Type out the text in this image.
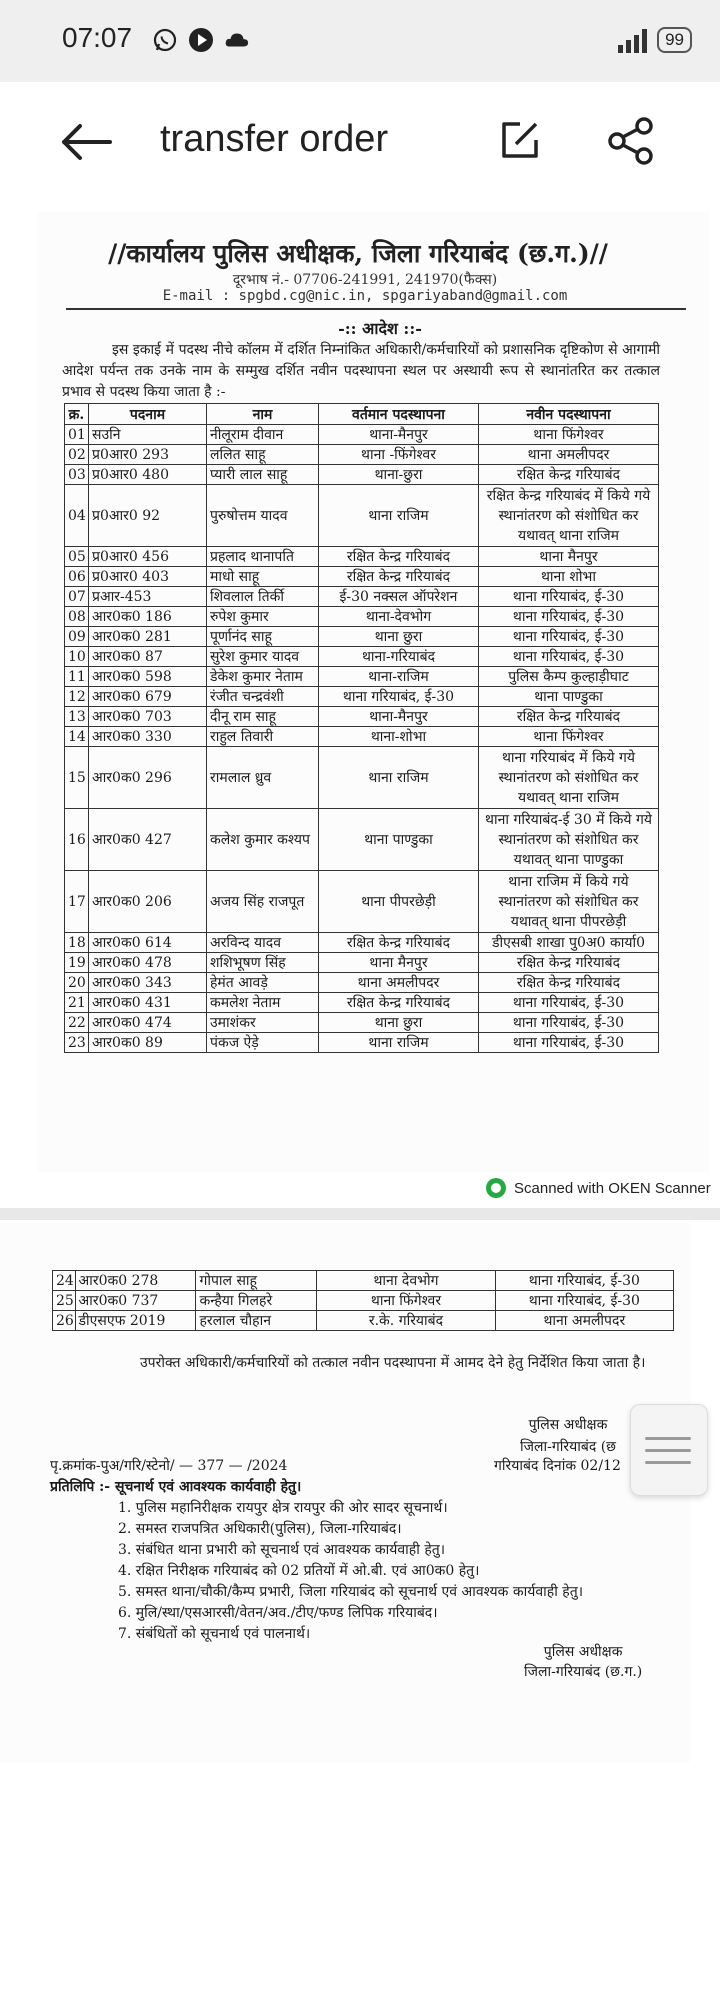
07:07	99
transfer order
//कार्यालय पुलिस अधीक्षक, जिला गरियाबंद (छ.ग.)//
दूरभाष नं.- 07706-241991, 241970(फैक्स)
E-mail : spgbd.cg@nic.in, spgariyaband@gmail.com
-:: आदेश ::-
इस इकाई में पदस्थ नीचे कॉलम में दर्शित निम्नांकित अधिकारी/कर्मचारियों को प्रशासनिक दृष्टिकोण से आगामी आदेश पर्यन्त तक उनके नाम के सम्मुख दर्शित नवीन पदस्थापना स्थल पर अस्थायी रूप से स्थानांतरित कर तत्काल प्रभाव से पदस्थ किया जाता है :-
क्र.	पदनाम	नाम	वर्तमान पदस्थापना	नवीन पदस्थापना
01	सउनि	नीलूराम दीवान	थाना-मैनपुर	थाना फिंगेश्वर
02	प्र0आर0 293	ललित साहू	थाना -फिंगेश्वर	थाना अमलीपदर
03	प्र0आर0 480	प्यारी लाल साहू	थाना-छुरा	रक्षित केन्द्र गरियाबंद
04	प्र0आर0 92	पुरुषोत्तम यादव	थाना राजिम	रक्षित केन्द्र गरियाबंद में किये गये स्थानांतरण को संशोधित कर यथावत् थाना राजिम
05	प्र0आर0 456	प्रहलाद थानापति	रक्षित केन्द्र गरियाबंद	थाना मैनपुर
06	प्र0आर0 403	माधो साहू	रक्षित केन्द्र गरियाबंद	थाना शोभा
07	प्रआर-453	शिवलाल तिर्की	ई-30 नक्सल ऑपरेशन	थाना गरियाबंद, ई-30
08	आर0क0 186	रुपेश कुमार	थाना-देवभोग	थाना गरियाबंद, ई-30
09	आर0क0 281	पूर्णानंद साहू	थाना छुरा	थाना गरियाबंद, ई-30
10	आर0क0 87	सुरेश कुमार यादव	थाना-गरियाबंद	थाना गरियाबंद, ई-30
11	आर0क0 598	डेकेश कुमार नेताम	थाना-राजिम	पुलिस कैम्प कुल्हाड़ीघाट
12	आर0क0 679	रंजीत चन्द्रवंशी	थाना गरियाबंद, ई-30	थाना पाण्डुका
13	आर0क0 703	दीनू राम साहू	थाना-मैनपुर	रक्षित केन्द्र गरियाबंद
14	आर0क0 330	राहुल तिवारी	थाना-शोभा	थाना फिंगेश्वर
15	आर0क0 296	रामलाल ध्रुव	थाना राजिम	थाना गरियाबंद में किये गये स्थानांतरण को संशोधित कर यथावत् थाना राजिम
16	आर0क0 427	कलेश कुमार कश्यप	थाना पाण्डुका	थाना गरियाबंद-ई 30 में किये गये स्थानांतरण को संशोधित कर यथावत् थाना पाण्डुका
17	आर0क0 206	अजय सिंह राजपूत	थाना पीपरछेड़ी	थाना राजिम में किये गये स्थानांतरण को संशोधित कर यथावत् थाना पीपरछेड़ी
18	आर0क0 614	अरविन्द यादव	रक्षित केन्द्र गरियाबंद	डीएसबी शाखा पु0अ0 कार्या0
19	आर0क0 478	शशिभूषण सिंह	थाना मैनपुर	रक्षित केन्द्र गरियाबंद
20	आर0क0 343	हेमंत आवड़े	थाना अमलीपदर	रक्षित केन्द्र गरियाबंद
21	आर0क0 431	कमलेश नेताम	रक्षित केन्द्र गरियाबंद	थाना गरियाबंद, ई-30
22	आर0क0 474	उमाशंकर	थाना छुरा	थाना गरियाबंद, ई-30
23	आर0क0 89	पंकज ऐड़े	थाना राजिम	थाना गरियाबंद, ई-30
Scanned with OKEN Scanner
24	आर0क0 278	गोपाल साहू	थाना देवभोग	थाना गरियाबंद, ई-30
25	आर0क0 737	कन्हैया गिलहरे	थाना फिंगेश्वर	थाना गरियाबंद, ई-30
26	डीएसएफ 2019	हरलाल चौहान	र.के. गरियाबंद	थाना अमलीपदर
उपरोक्त अधिकारी/कर्मचारियों को तत्काल नवीन पदस्थापना में आमद देने हेतु निर्देशित किया जाता है।
पुलिस अधीक्षक
जिला-गरियाबंद (छ
पृ.क्रमांक-पुअ/गरि/स्टेनो/ — 377 — /2024	गरियाबंद दिनांक 02/12
प्रतिलिपि :- सूचनार्थ एवं आवश्यक कार्यवाही हेतु।
1. पुलिस महानिरीक्षक रायपुर क्षेत्र रायपुर की ओर सादर सूचनार्थ।
2. समस्त राजपत्रित अधिकारी(पुलिस), जिला-गरियाबंद।
3. संबंधित थाना प्रभारी को सूचनार्थ एवं आवश्यक कार्यवाही हेतु।
4. रक्षित निरीक्षक गरियाबंद को 02 प्रतियों में ओ.बी. एवं आ0क0 हेतु।
5. समस्त थाना/चौकी/कैम्प प्रभारी, जिला गरियाबंद को सूचनार्थ एवं आवश्यक कार्यवाही हेतु।
6. मुलि/स्था/एसआरसी/वेतन/अव./टीए/फण्ड लिपिक गरियाबंद।
7. संबंधितों को सूचनार्थ एवं पालनार्थ।
पुलिस अधीक्षक
जिला-गरियाबंद (छ.ग.)
